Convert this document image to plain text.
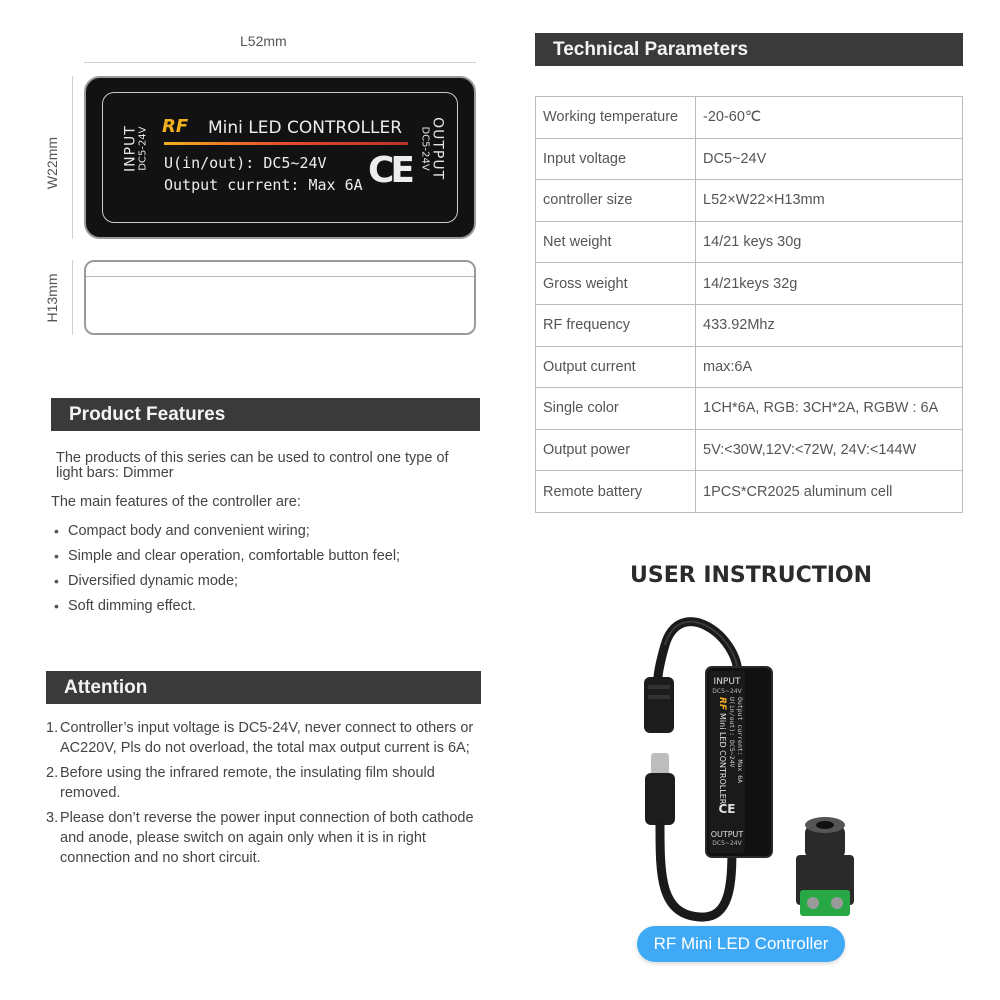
L52mm
W22mm
H13mm
INPUT
DC5-24V RF Mini LED CONTROLLER
U(in/out): DC5~24V
Output current: Max 6A CE OUTPUT
DC5-24V
Technical Parameters
Working temperature	-20-60℃
Input voltage	DC5~24V
controller size	L52×W22×H13mm
Net weight	14/21 keys 30g
Gross weight	14/21keys 32g
RF frequency	433.92Mhz
Output current	max:6A
Single color	1CH*6A, RGB: 3CH*2A, RGBW : 6A
Output power	5V:<30W,12V:<72W, 24V:<144W
Remote battery	1PCS*CR2025 aluminum cell
Product Features
The products of this series can be used to control one type of
light bars: Dimmer
The main features of the controller are:
• Compact body and convenient wiring;
• Simple and clear operation, comfortable button feel;
• Diversified dynamic mode;
• Soft dimming effect.
Attention
1. Controller’s input voltage is DC5-24V, never connect to others or AC220V, Pls do not overload, the total max output current is 6A;
2. Before using the infrared remote, the insulating film should removed.
3. Please don’t reverse the power input connection of both cathode and anode, please switch on again only when it is in right connection and no short circuit.
USER INSTRUCTION
INPUT
DC5~24V
RF
Mini LED CONTROLLER U(in/out): DC5~24V Output current: Max 6A
CE
OUTPUT
DC5~24V
RF Mini LED Controller
